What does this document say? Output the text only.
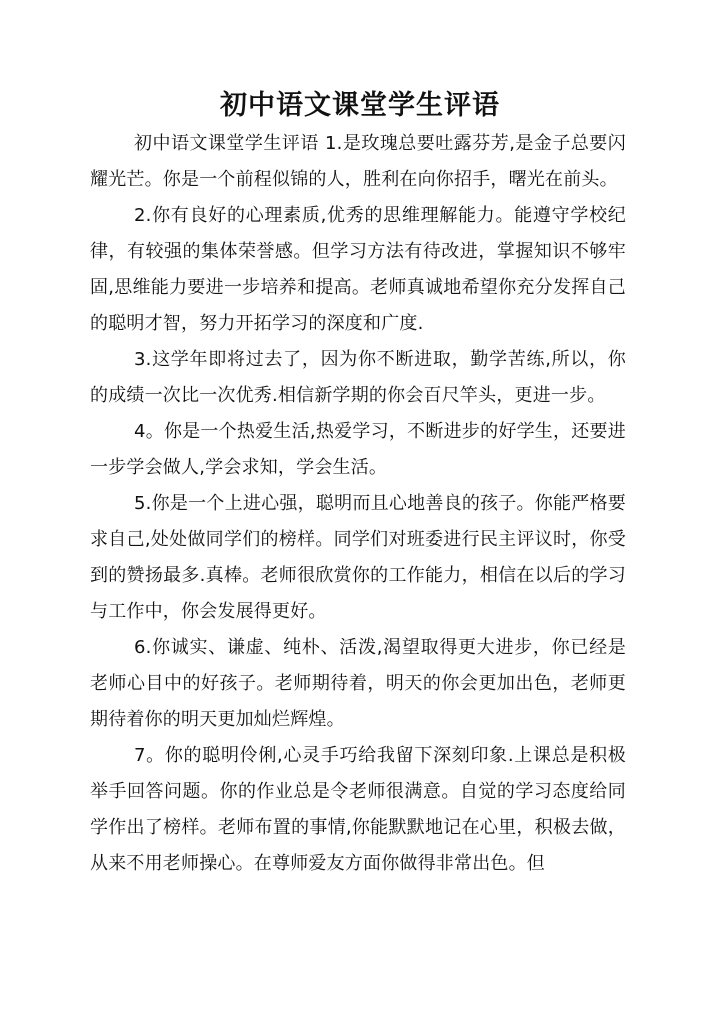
初中语文课堂学生评语

初中语文课堂学生评语 1.是玫瑰总要吐露芬芳,是金子总要闪耀光芒。你是一个前程似锦的人，胜利在向你招手，曙光在前头。

2.你有良好的心理素质,优秀的思维理解能力。能遵守学校纪律，有较强的集体荣誉感。但学习方法有待改进，掌握知识不够牢固,思维能力要进一步培养和提高。老师真诚地希望你充分发挥自己的聪明才智，努力开拓学习的深度和广度.

3.这学年即将过去了，因为你不断进取，勤学苦练,所以，你的成绩一次比一次优秀.相信新学期的你会百尺竿头，更进一步。

4。你是一个热爱生活,热爱学习，不断进步的好学生，还要进一步学会做人,学会求知，学会生活。

5.你是一个上进心强，聪明而且心地善良的孩子。你能严格要求自己,处处做同学们的榜样。同学们对班委进行民主评议时，你受到的赞扬最多.真棒。老师很欣赏你的工作能力，相信在以后的学习与工作中，你会发展得更好。

6.你诚实、谦虚、纯朴、活泼,渴望取得更大进步，你已经是老师心目中的好孩子。老师期待着，明天的你会更加出色，老师更期待着你的明天更加灿烂辉煌。

7。你的聪明伶俐,心灵手巧给我留下深刻印象.上课总是积极举手回答问题。你的作业总是令老师很满意。自觉的学习态度给同学作出了榜样。老师布置的事情,你能默默地记在心里，积极去做，从来不用老师操心。在尊师爱友方面你做得非常出色。但
